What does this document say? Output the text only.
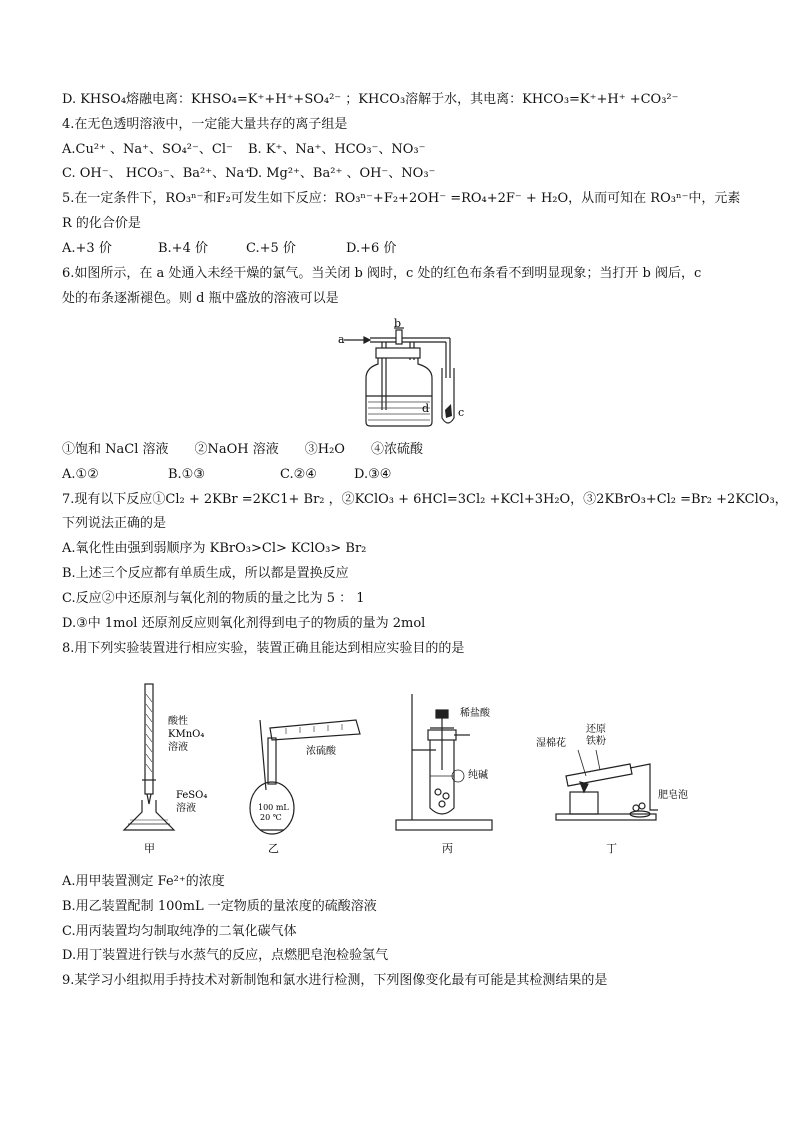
D. KHSO₄熔融电离：KHSO₄=K⁺+H⁺+SO₄²⁻ ；KHCO₃溶解于水，其电离：KHCO₃=K⁺+H⁺ +CO₃²⁻
4.在无色透明溶液中，一定能大量共存的离子组是
A.Cu²⁺ 、Na⁺、SO₄²⁻、Cl⁻ B. K⁺、Na⁺、HCO₃⁻、NO₃⁻
C. OH⁻、 HCO₃⁻、Ba²⁺、Na⁺
D. Mg²⁺、Ba²⁺ 、OH⁻、NO₃⁻
5.在一定条件下，RO₃ⁿ⁻和F₂可发生如下反应：RO₃ⁿ⁻+F₂+2OH⁻ =RO₄+2F⁻ + H₂O，从而可知在 RO₃ⁿ⁻中，元素
R 的化合价是
A.+3 价	B.+4 价	C.+5 价	D.+6 价
6.如图所示，在 a 处通入未经干燥的氯气。当关闭 b 阀时，c 处的红色布条看不到明显现象；当打开 b 阀后，c
处的布条逐渐褪色。则 d 瓶中盛放的溶液可以是
a
b
c
d
①饱和 NaCl 溶液　　②NaOH 溶液　　③H₂O　　④浓硫酸
A.①②	B.①③	C.②④	D.③④
7.现有以下反应①Cl₂ + 2KBr =2KC1+ Br₂ ，②KClO₃ + 6HCl=3Cl₂ +KCl+3H₂O，③2KBrO₃+Cl₂ =Br₂ +2KClO₃，
下列说法正确的是
A.氧化性由强到弱顺序为 KBrO₃>Cl> KClO₃> Br₂
B.上述三个反应都有单质生成，所以都是置换反应
C.反应②中还原剂与氧化剂的物质的量之比为 5 ： 1
D.③中 1mol 还原剂反应则氧化剂得到电子的物质的量为 2mol
8.用下列实验装置进行相应实验，装置正确且能达到相应实验目的的是
酸性
KMnO₄
溶液
FeSO₄
溶液
甲
浓硫酸
100 mL
20 ℃
乙
稀盐酸
纯碱
丙
湿棉花
还原
铁粉
肥皂泡
丁
A.用甲装置测定 Fe²⁺的浓度
B.用乙装置配制 100mL 一定物质的量浓度的硫酸溶液
C.用丙装置均匀制取纯净的二氧化碳气体
D.用丁装置进行铁与水蒸气的反应，点燃肥皂泡检验氢气
9.某学习小组拟用手持技术对新制饱和氯水进行检测，下列图像变化最有可能是其检测结果的是
